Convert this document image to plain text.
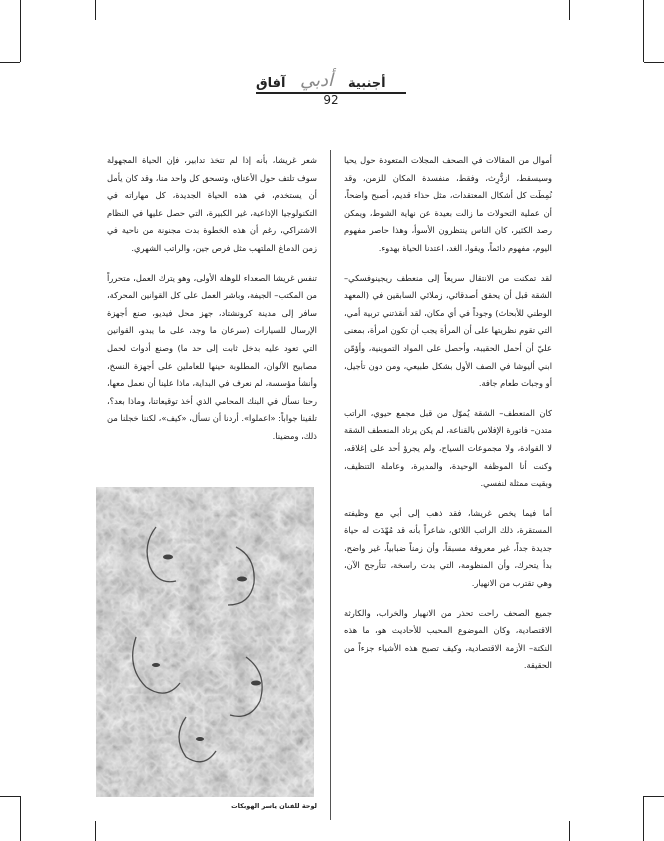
آفاق أدبي أجنبية
92

أموال من المقالات في الصحف المجلات المتعودة حول يحيا وسيسقط، ازدُّرِث، وفقط، منفسدة المكان للزمن، وقد نُمِطَت كل أشكال المعتقدات، مثل حذاء قديم، أصبح واضحاً، أن عملية التحولات ما زالت بعيدة عن نهاية الشوط، ويمكن رصد الكثير، كان الناس ينتظرون الأسوأ، وهذا حاصر مفهوم اليوم، مفهوم دائماً، ويقوا، الغد، اعتدنا الحياة بهدوء.

لقد تمكنت من الانتقال سريعاً إلى منعطف ريجينوفسكي– الشقة قبل أن يحقق أصدقائي، زملائي السابقين في (المعهد الوطني للأبحاث) وجوداً في أي مكان، لقد أنقذتني تربية أمي، التي تقوم نظريتها على أن المرأة يجب أن تكون امرأة، بمعنى عليّ أن أحمل الحقيبة، وأحصل على المواد التموينية، وأؤمّن ابني أليوشا في الصف الأول بشكل طبيعي، ومن دون تأجيل، أو وجبات طعام جافة.

كان المنعطف– الشقة يُموّل من قبل مجمع حيوي، الراتب متدن– فاتورة الإفلاس بالقناعة، لم يكن يرتاد المنعطف الشقة لا القوادة، ولا مجموعات السياح، ولم يجرؤ أحد على إغلاقه، وكنت أنا الموظفة الوحيدة، والمديرة، وعاملة التنظيف، وبقيت ممثلة لنفسي.

أما فيما يخص غريشا، فقد ذهب إلى أبي مع وظيفته المستقرة، ذلك الراتب اللائق، شاعراً بأنه قد مُهّدَت له حياة جديدة جداً، غير معروفة مسبقاً، وأن زمناً ضبابياً، غير واضح، بدأ يتحرك، وأن المنظومة، التي بدت راسخة، تتأرجح الآن، وهي تقترب من الانهيار.

جميع الصحف راحت تحذر من الانهيار والخراب، والكارثة الاقتصادية، وكان الموضوع المحبب للأحاديث هو، ما هذه النكتة– الأزمة الاقتصادية، وكيف تصبح هذه الأشياء جزءاً من الحقيقة.

شعر غريشا، بأنه إذا لم تتخذ تدابير، فإن الحياة المجهولة سوف تلتف حول الأعناق، وتسحق كل واحد منا، وقد كان يأمل أن يستخدم، في هذه الحياة الجديدة، كل مهاراته في التكنولوجيا الإذاعية، غير الكبيرة، التي حصل عليها في النظام الاشتراكي، رغم أن هذه الخطوة بدت مجنونة من ناحية في زمن الدماغ الملتهب مثل فرص جين، والراتب الشهري.

تنفس غريشا الصعداء للوهلة الأولى، وهو يترك العمل، متحرراً من المكتب– الجيفة، وباشر العمل على كل القوانين المحركة، سافر إلى مدينة كرونشتاد، جهز محل فيديو، صنع أجهزة الإرسال للسيارات (سرعان ما وجد، على ما يبدو، القوانين التي تعود عليه بدخل ثابت إلى حد ما) وصنع أدوات لحمل مصابيح الألوان، المطلوبة حينها للعاملين على أجهزة النسخ، وأنشأ مؤسسة، لم نعرف في البداية، ماذا علينا أن نعمل معها، رحنا نسأل في البنك المحامي الذي أخذ توقيعاتنا، وماذا بعد؟، تلقينا جواباً: «اعملوا». أردنا أن نسأل، «كيف»، لكننا خجلنا من ذلك، ومضينا.

لوحة للفنان ياسر الهوبكات
